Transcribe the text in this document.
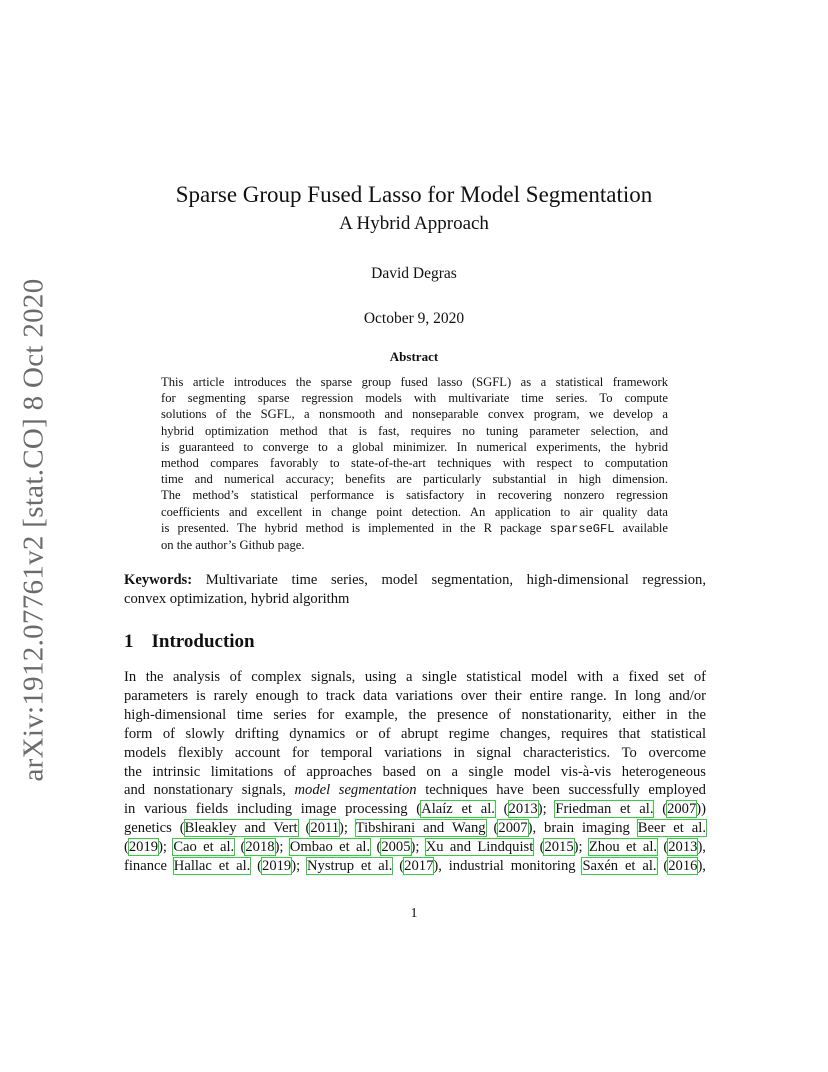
arXiv:1912.07761v2 [stat.CO] 8 Oct 2020
Sparse Group Fused Lasso for Model Segmentation
A Hybrid Approach
David Degras
October 9, 2020
Abstract
This article introduces the sparse group fused lasso (SGFL) as a statistical framework
for segmenting sparse regression models with multivariate time series. To compute
solutions of the SGFL, a nonsmooth and nonseparable convex program, we develop a
hybrid optimization method that is fast, requires no tuning parameter selection, and
is guaranteed to converge to a global minimizer. In numerical experiments, the hybrid
method compares favorably to state-of-the-art techniques with respect to computation
time and numerical accuracy; benefits are particularly substantial in high dimension.
The method’s statistical performance is satisfactory in recovering nonzero regression
coefficients and excellent in change point detection. An application to air quality data
is presented. The hybrid method is implemented in the R package sparseGFL available
on the author’s Github page.
Keywords: Multivariate time series, model segmentation, high-dimensional regression,
convex optimization, hybrid algorithm
1 Introduction
In the analysis of complex signals, using a single statistical model with a fixed set of
parameters is rarely enough to track data variations over their entire range. In long and/or
high-dimensional time series for example, the presence of nonstationarity, either in the
form of slowly drifting dynamics or of abrupt regime changes, requires that statistical
models flexibly account for temporal variations in signal characteristics. To overcome
the intrinsic limitations of approaches based on a single model vis-à-vis heterogeneous
and nonstationary signals, model segmentation techniques have been successfully employed
in various fields including image processing (Alaíz et al. (2013); Friedman et al. (2007))
genetics (Bleakley and Vert (2011); Tibshirani and Wang (2007), brain imaging Beer et al.
(2019); Cao et al. (2018); Ombao et al. (2005); Xu and Lindquist (2015); Zhou et al. (2013),
finance Hallac et al. (2019); Nystrup et al. (2017), industrial monitoring Saxén et al. (2016),
1
